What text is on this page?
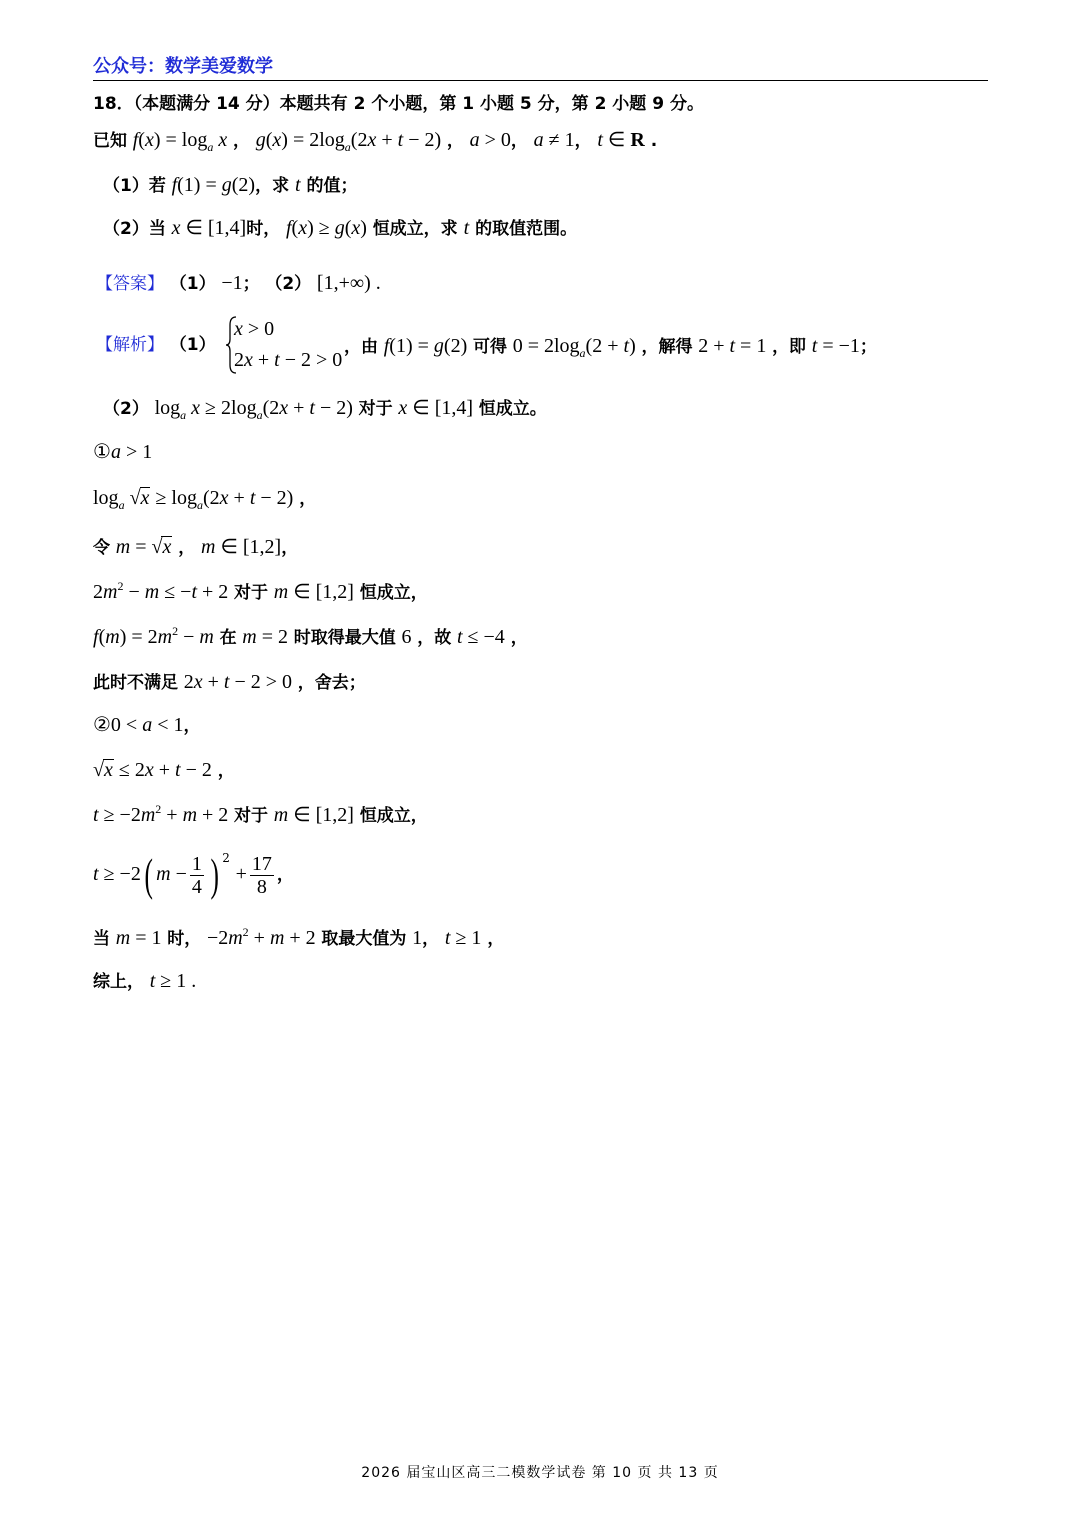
公众号：数学美爱数学
18．（本题满分 14 分）本题共有 2 个小题，第 1 小题 5 分，第 2 小题 9 分。
已知 $f(x) = \log_a x$ ， $g(x) = 2\log_a(2x + t - 2)$ ， a > 0， a ≠ 1， t ∈ R .
（1）若 f(1) = g(2)，求 t 的值；
（2）当 x ∈ [1,4]时， f(x) ≥ g(x) 恒成立，求 t 的取值范围。
【答案】 （1） −1； （2） [1,+∞) .
【解析】 （1）
x > 0
2x + t − 2 > 0
，由 f(1) = g(2) 可得 $0 = 2\log_a(2 + t)$ ，解得 2 + t = 1 ，即 t = −1；
（2） $\log_a x \ge 2\log_a(2x + t - 2)$ 对于 x ∈ [1,4] 恒成立。
①a > 1
$\log_a √x \ge \log_a(2x + t - 2)$ ，
令 m = √x ， m ∈ [1,2]，
$2m^2 - m \le -t + 2$ 对于 m ∈ [1,2] 恒成立，
$f(m) = 2m^2 - m$ 在 m = 2 时取得最大值 6 ，故 t ≤ −4 ，
此时不满足 2x + t − 2 > 0 ，舍去；
②0 < a < 1，
√x ≤ 2x + t − 2 ，
$t \ge -2m^2 + m + 2$ 对于 m ∈ [1,2] 恒成立，
t ≥ −2( $m - \frac{1}{4}$ ) $^2 + \frac{17}{8}$ ，
当 m = 1 时， $-2m^2 + m + 2$ 取最大值为 1， t ≥ 1 ，
综上， t ≥ 1 .
2026 届宝山区高三二模数学试卷 第 10 页 共 13 页
